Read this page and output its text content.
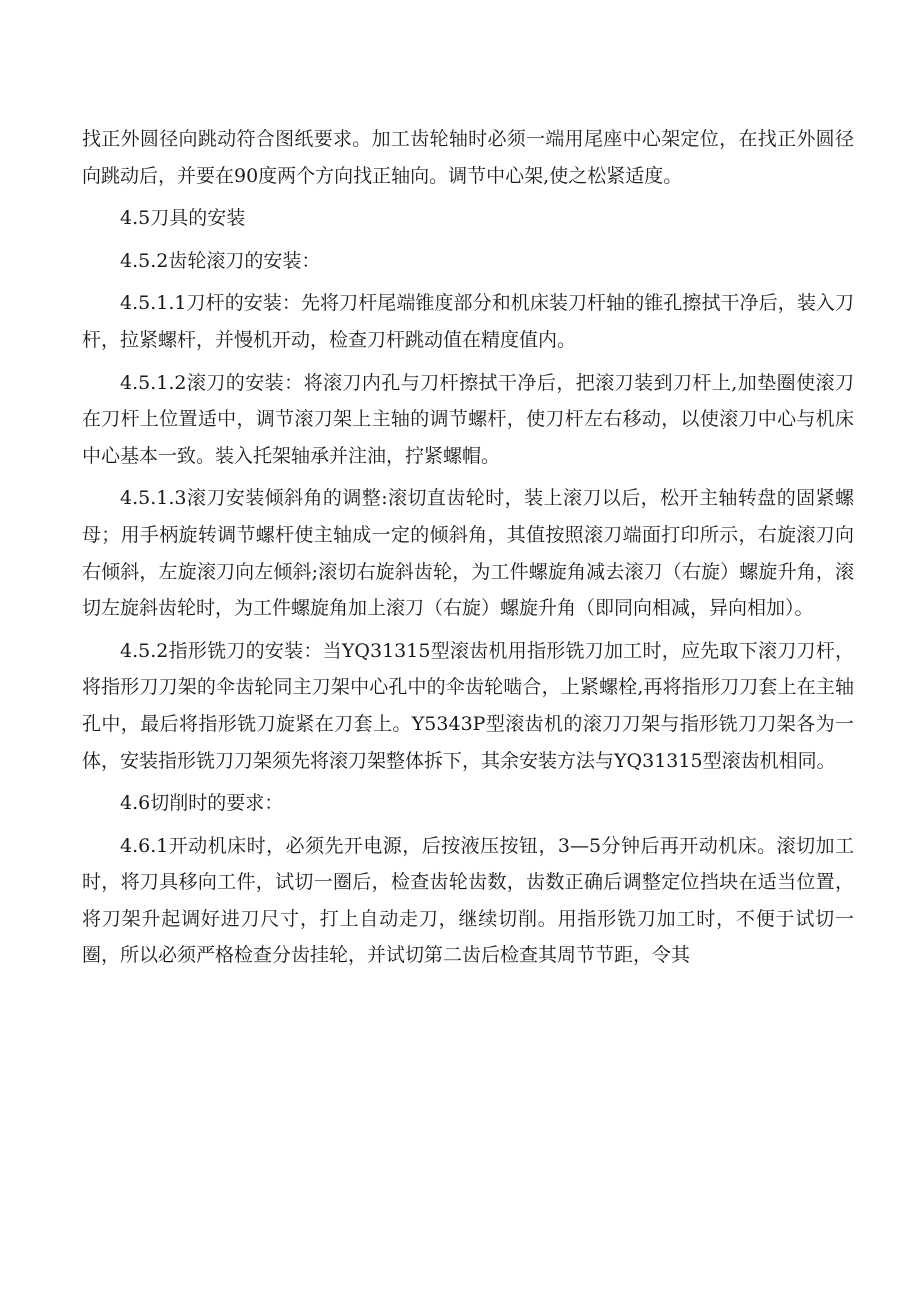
找正外圆径向跳动符合图纸要求。加工齿轮轴时必须一端用尾座中心架定位，在找正外圆径向跳动后，并要在90度两个方向找正轴向。调节中心架,使之松紧适度。

4.5刀具的安装

4.5.2齿轮滚刀的安装：

4.5.1.1刀杆的安装：先将刀杆尾端锥度部分和机床装刀杆轴的锥孔擦拭干净后，装入刀杆，拉紧螺杆，并慢机开动，检查刀杆跳动值在精度值内。

4.5.1.2滚刀的安装：将滚刀内孔与刀杆擦拭干净后，把滚刀装到刀杆上,加垫圈使滚刀在刀杆上位置适中，调节滚刀架上主轴的调节螺杆，使刀杆左右移动，以使滚刀中心与机床中心基本一致。装入托架轴承并注油，拧紧螺帽。

4.5.1.3滚刀安装倾斜角的调整:滚切直齿轮时，装上滚刀以后，松开主轴转盘的固紧螺母；用手柄旋转调节螺杆使主轴成一定的倾斜角，其值按照滚刀端面打印所示，右旋滚刀向右倾斜，左旋滚刀向左倾斜;滚切右旋斜齿轮，为工件螺旋角减去滚刀（右旋）螺旋升角，滚切左旋斜齿轮时，为工件螺旋角加上滚刀（右旋）螺旋升角（即同向相减，异向相加）。

4.5.2指形铣刀的安装：当YQ31315型滚齿机用指形铣刀加工时，应先取下滚刀刀杆，将指形刀刀架的伞齿轮同主刀架中心孔中的伞齿轮啮合，上紧螺栓,再将指形刀刀套上在主轴孔中，最后将指形铣刀旋紧在刀套上。Y5343P型滚齿机的滚刀刀架与指形铣刀刀架各为一体，安装指形铣刀刀架须先将滚刀架整体拆下，其余安装方法与YQ31315型滚齿机相同。

4.6切削时的要求：

4.6.1开动机床时，必须先开电源，后按液压按钮，3—5分钟后再开动机床。滚切加工时，将刀具移向工件，试切一圈后，检查齿轮齿数，齿数正确后调整定位挡块在适当位置，将刀架升起调好进刀尺寸，打上自动走刀，继续切削。用指形铣刀加工时，不便于试切一圈，所以必须严格检查分齿挂轮，并试切第二齿后检查其周节节距，令其
